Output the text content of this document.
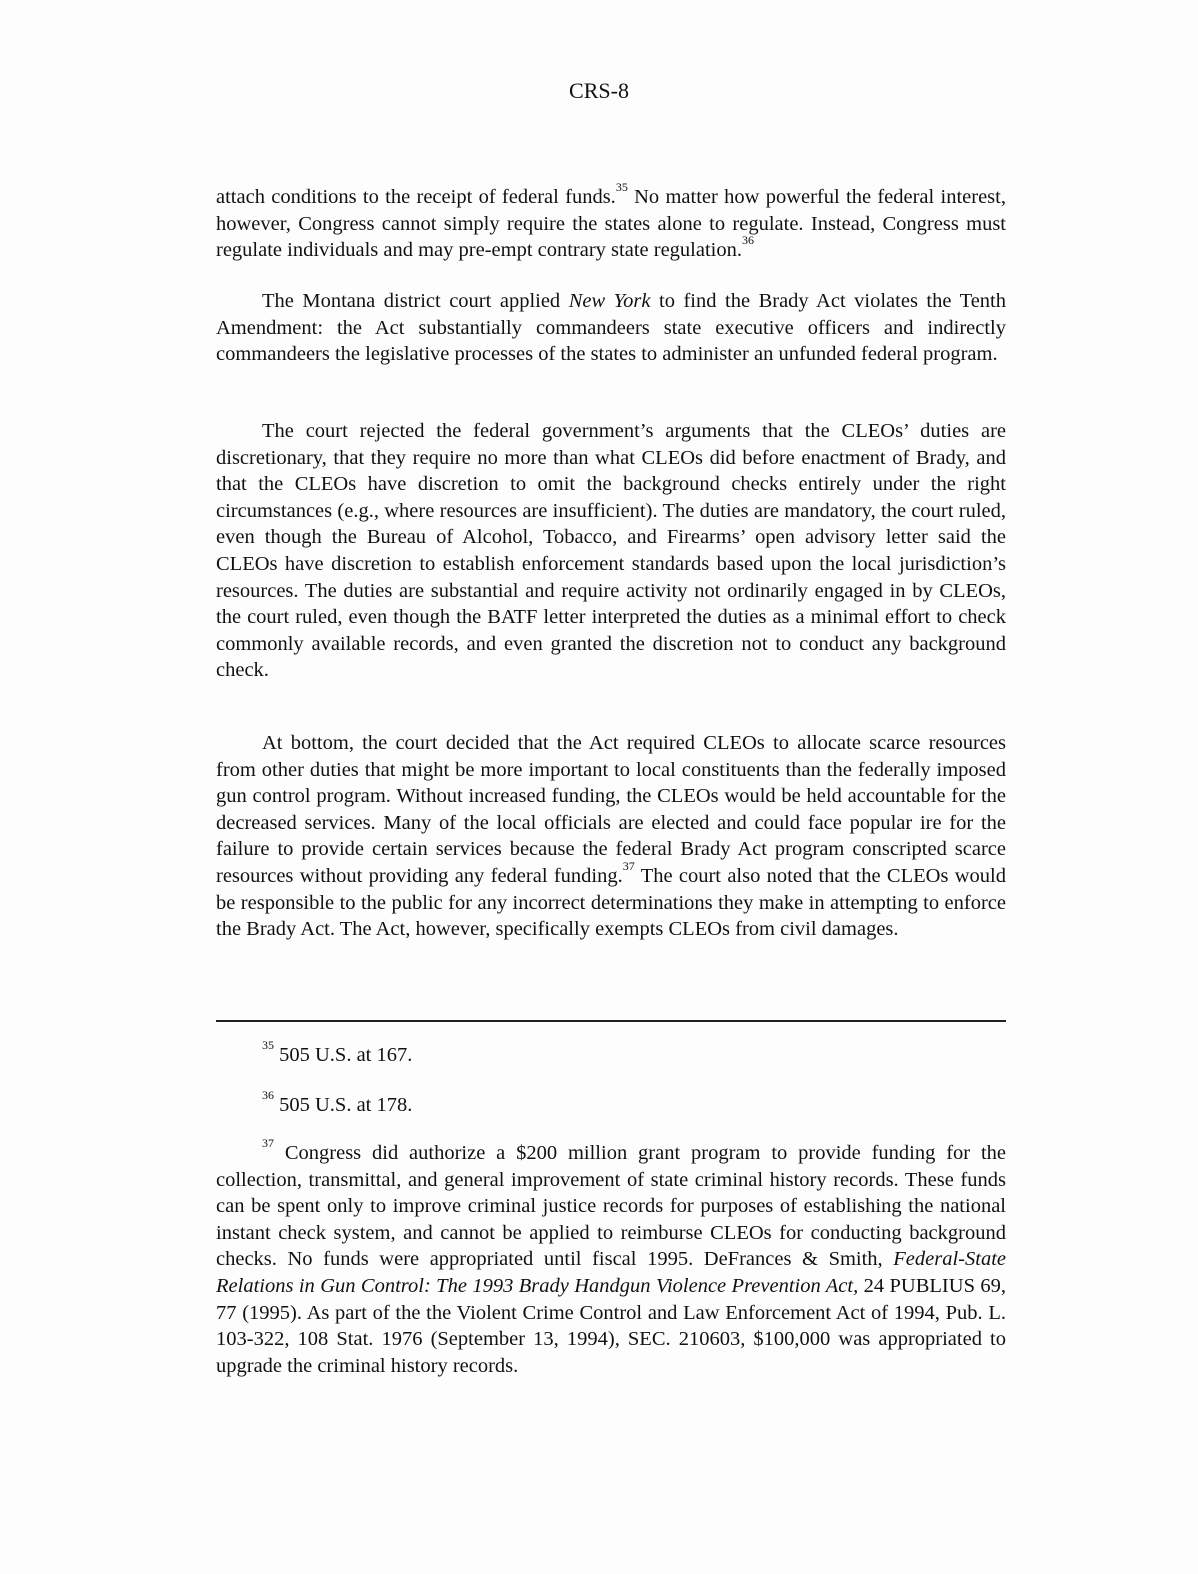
CRS-8

attach conditions to the receipt of federal funds.$^{35}$ No matter how powerful the federal interest, however, Congress cannot simply require the states alone to regulate. Instead, Congress must regulate individuals and may pre-empt contrary state regulation.$^{36}$

The Montana district court applied New York to find the Brady Act violates the Tenth Amendment: the Act substantially commandeers state executive officers and indirectly commandeers the legislative processes of the states to administer an unfunded federal program.

The court rejected the federal government’s arguments that the CLEOs’ duties are discretionary, that they require no more than what CLEOs did before enactment of Brady, and that the CLEOs have discretion to omit the background checks entirely under the right circumstances (e.g., where resources are insufficient). The duties are mandatory, the court ruled, even though the Bureau of Alcohol, Tobacco, and Firearms’ open advisory letter said the CLEOs have discretion to establish enforcement standards based upon the local jurisdiction’s resources. The duties are substantial and require activity not ordinarily engaged in by CLEOs, the court ruled, even though the BATF letter interpreted the duties as a minimal effort to check commonly available records, and even granted the discretion not to conduct any background check.

At bottom, the court decided that the Act required CLEOs to allocate scarce resources from other duties that might be more important to local constituents than the federally imposed gun control program. Without increased funding, the CLEOs would be held accountable for the decreased services. Many of the local officials are elected and could face popular ire for the failure to provide certain services because the federal Brady Act program conscripted scarce resources without providing any federal funding.$^{37}$ The court also noted that the CLEOs would be responsible to the public for any incorrect determinations they make in attempting to enforce the Brady Act. The Act, however, specifically exempts CLEOs from civil damages.

$^{35}$ 505 U.S. at 167.

$^{36}$ 505 U.S. at 178.

$^{37}$ Congress did authorize a $200 million grant program to provide funding for the collection, transmittal, and general improvement of state criminal history records. These funds can be spent only to improve criminal justice records for purposes of establishing the national instant check system, and cannot be applied to reimburse CLEOs for conducting background checks. No funds were appropriated until fiscal 1995. DeFrances & Smith, Federal-State Relations in Gun Control: The 1993 Brady Handgun Violence Prevention Act, 24 PUBLIUS 69, 77 (1995). As part of the the Violent Crime Control and Law Enforcement Act of 1994, Pub. L. 103-322, 108 Stat. 1976 (September 13, 1994), SEC. 210603, $100,000 was appropriated to upgrade the criminal history records.
